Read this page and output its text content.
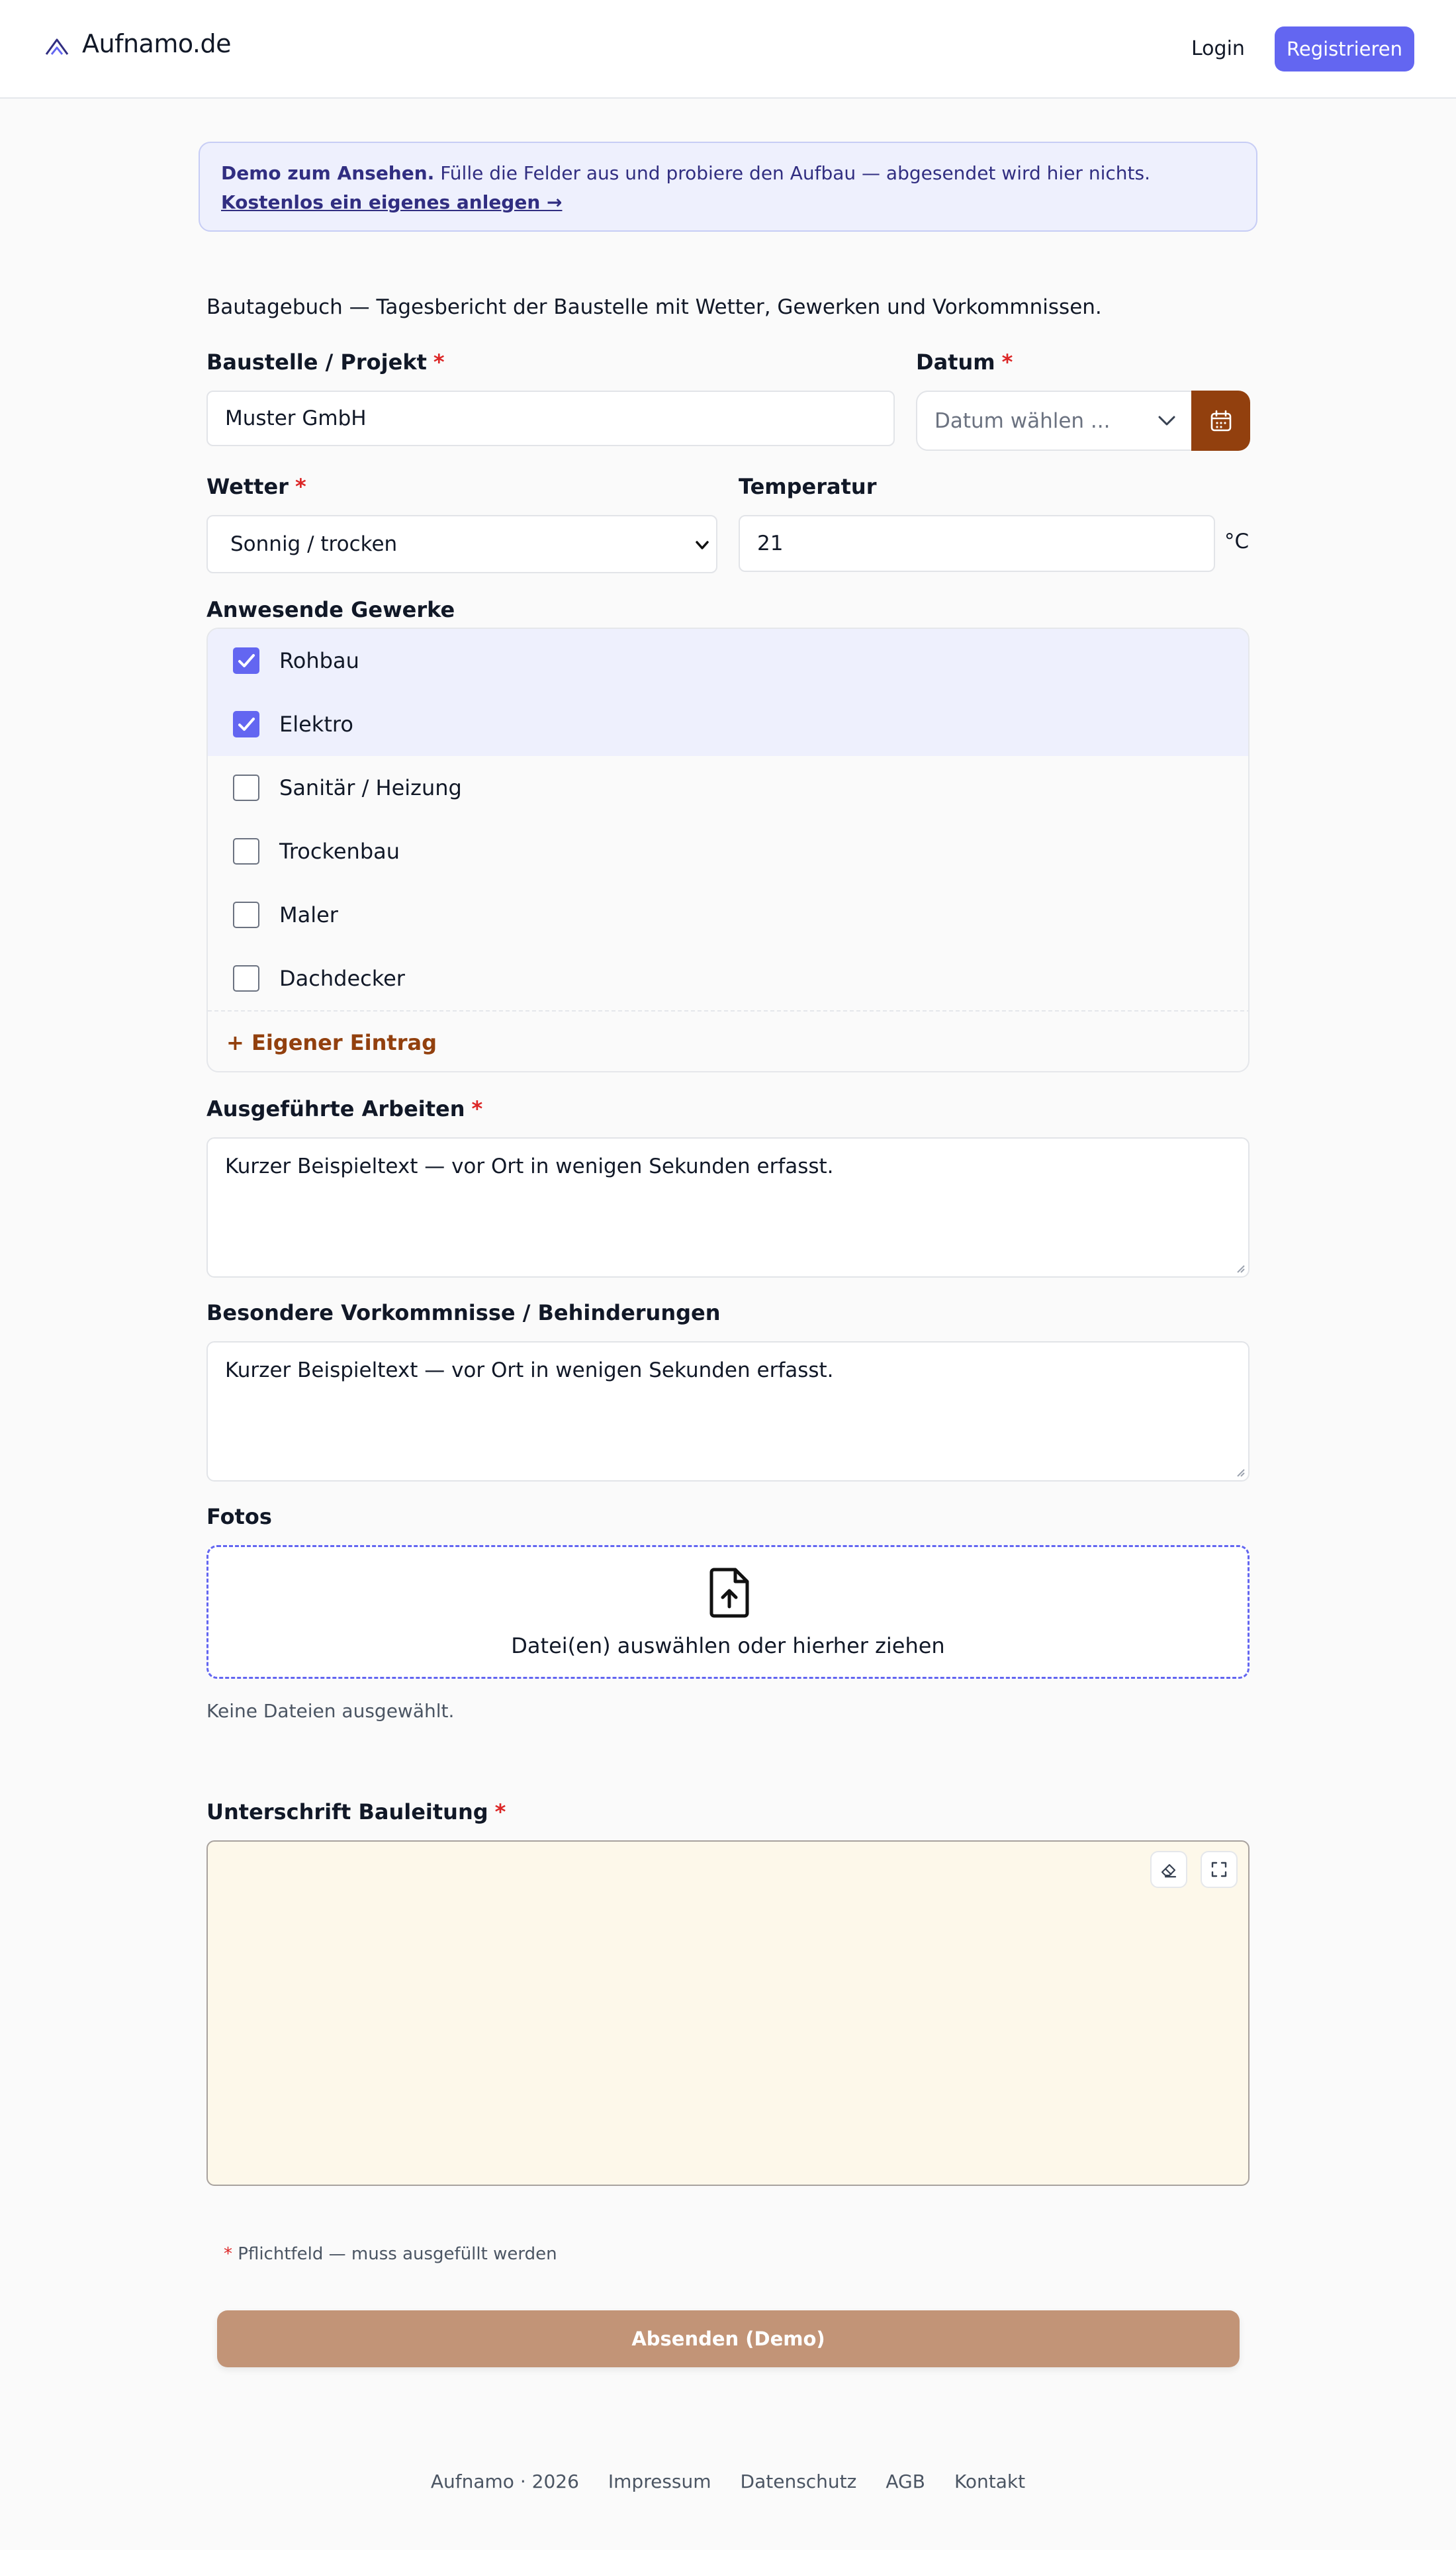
Aufnamo.de	Login	Registrieren
Demo zum Ansehen. Fülle die Felder aus und probiere den Aufbau — abgesendet wird hier nichts.
Kostenlos ein eigenes anlegen →
Bautagebuch — Tagesbericht der Baustelle mit Wetter, Gewerken und Vorkommnissen.
Baustelle / Projekt *
Muster GmbH
Datum *
Datum wählen ...
Wetter *
Sonnig / trocken
Temperatur
21	°C
Anwesende Gewerke
Rohbau
Elektro
Sanitär / Heizung
Trockenbau
Maler
Dachdecker
+ Eigener Eintrag
Ausgeführte Arbeiten *
Kurzer Beispieltext — vor Ort in wenigen Sekunden erfasst.
Besondere Vorkommnisse / Behinderungen
Kurzer Beispieltext — vor Ort in wenigen Sekunden erfasst.
Fotos
Datei(en) auswählen oder hierher ziehen
Keine Dateien ausgewählt.
Unterschrift Bauleitung *
* Pflichtfeld — muss ausgefüllt werden
Absenden (Demo)
Aufnamo · 2026 Impressum Datenschutz AGB Kontakt
